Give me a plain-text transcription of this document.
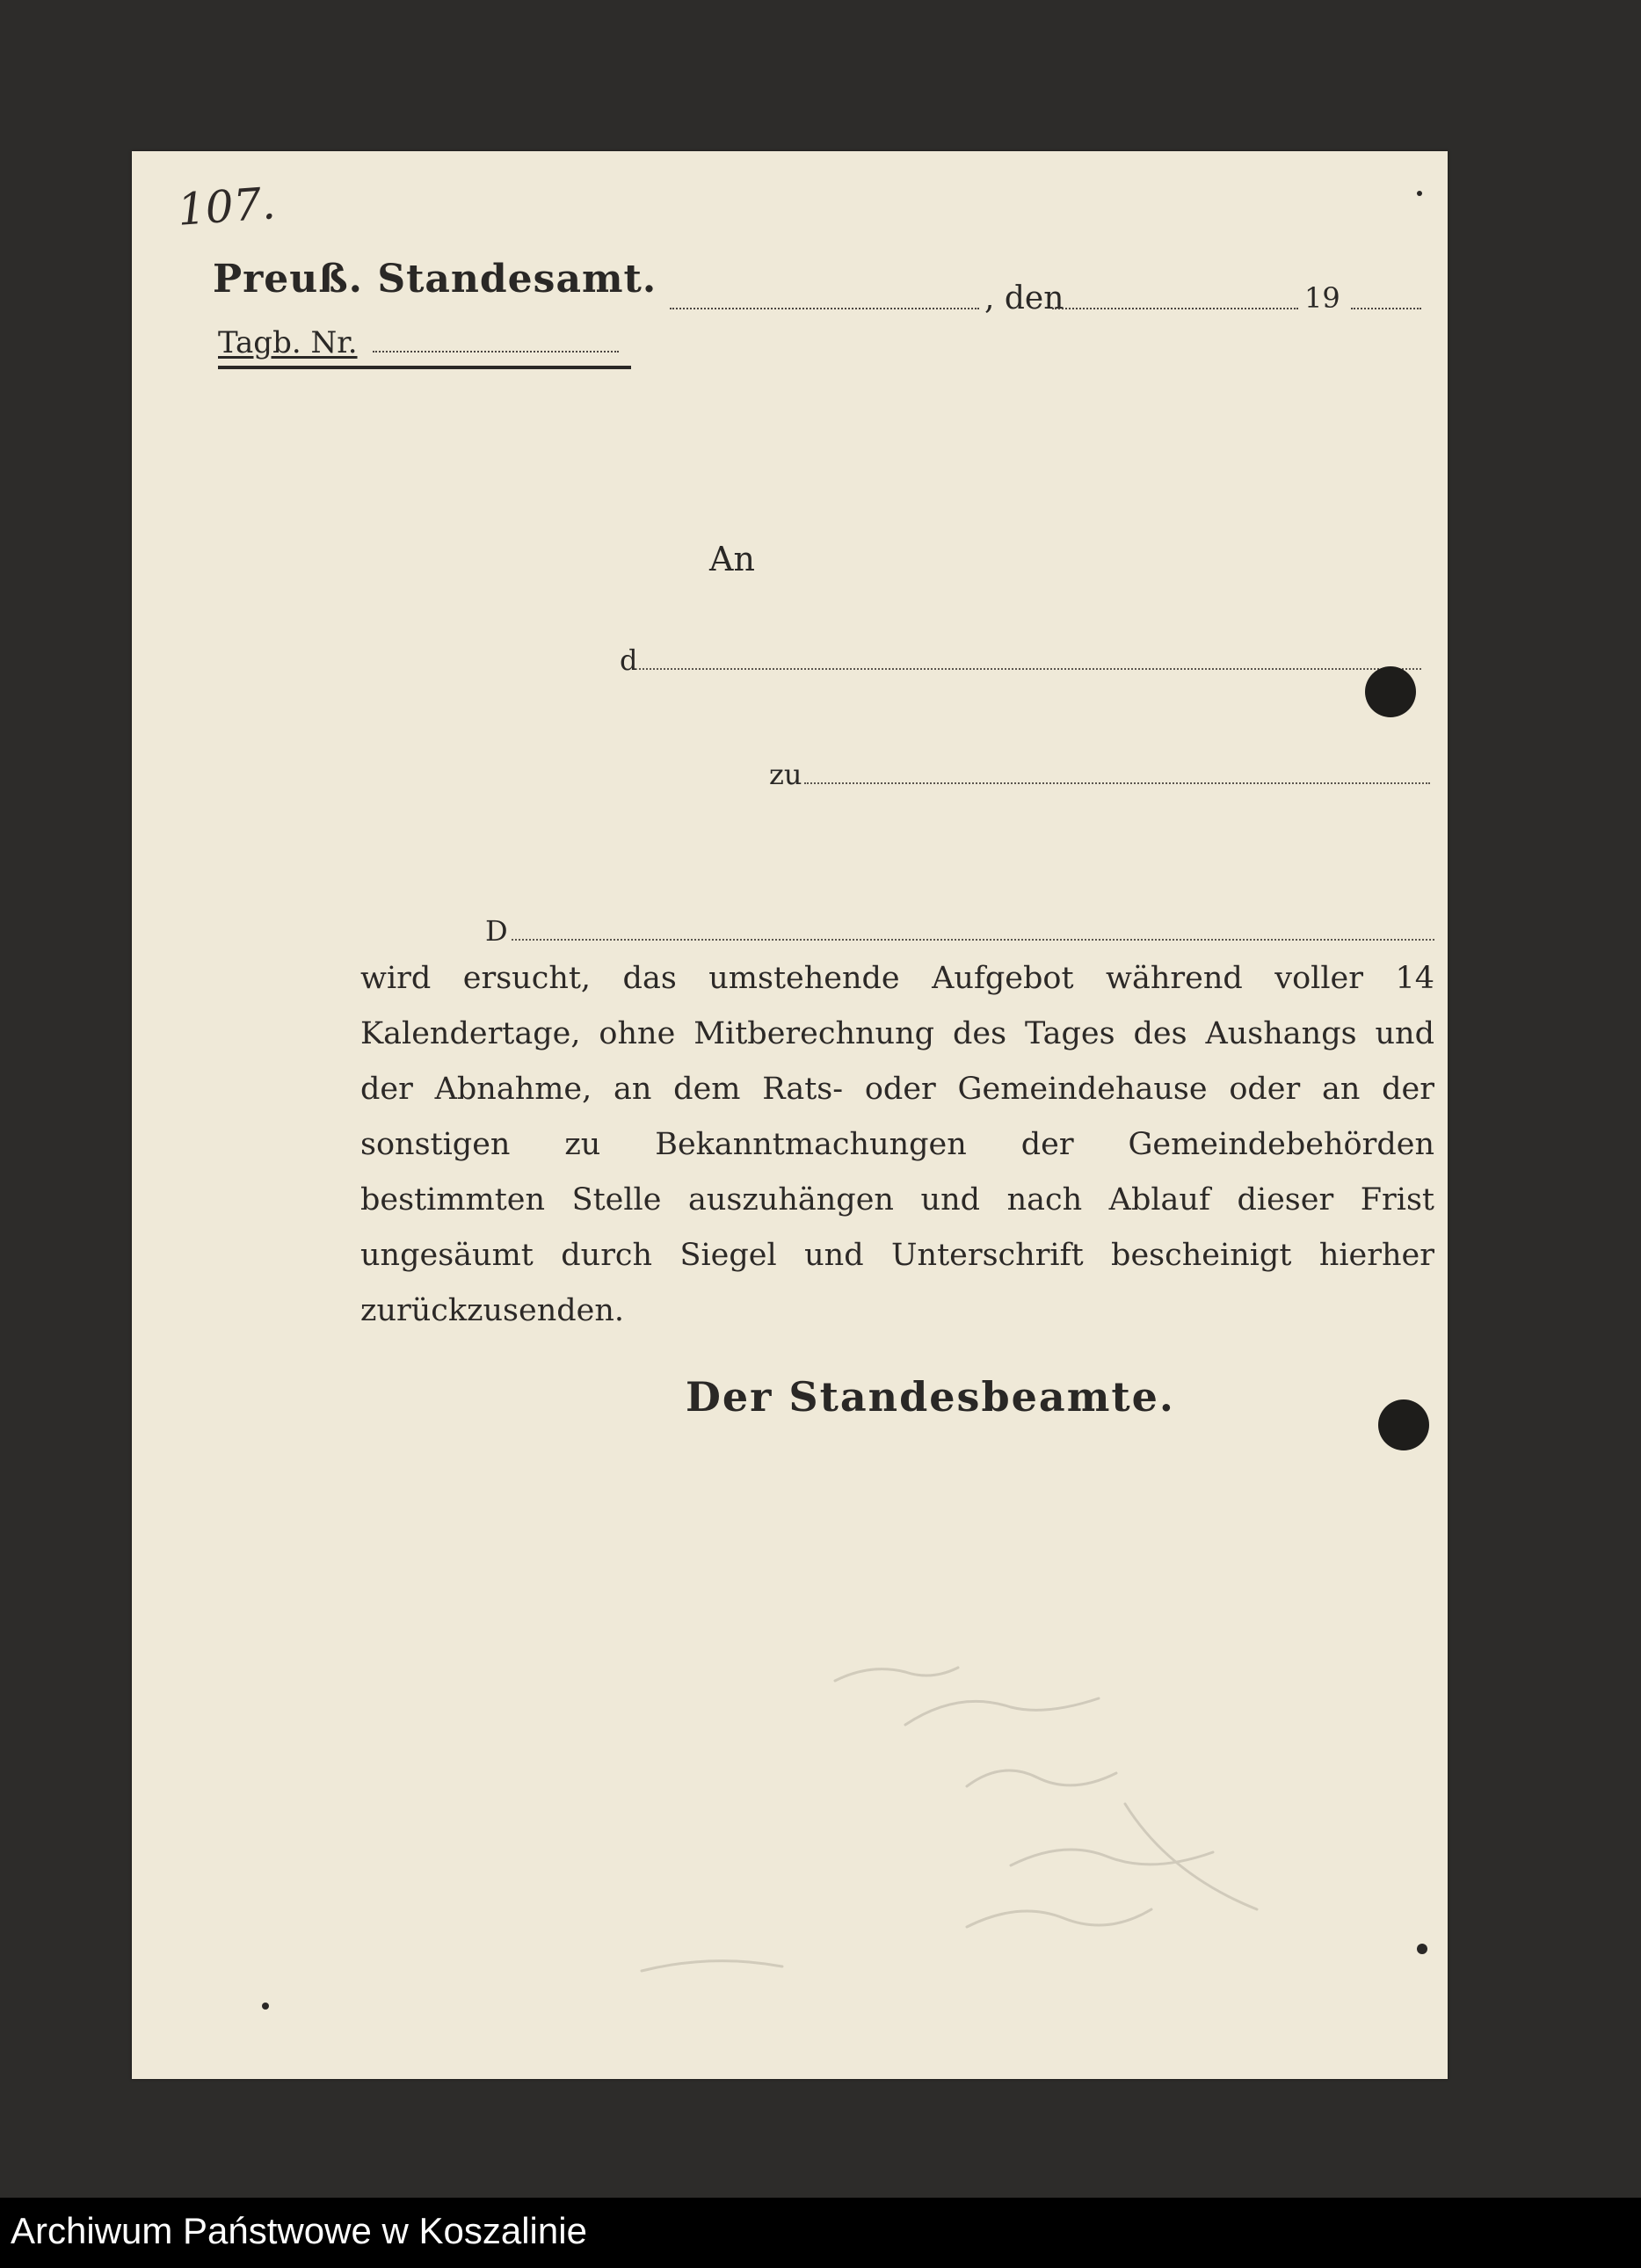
107.
Preuß. Standesamt.
Tagb. Nr.
, den	19
An
d
zu
D
wird ersucht, das umstehende Aufgebot während voller 14 Kalendertage, ohne Mitberechnung des Tages des Aushangs und der Abnahme, an dem Rats- oder Gemeindehause oder an der sonstigen zu Bekanntmachungen der Gemeindebehörden bestimmten Stelle auszuhängen und nach Ablauf dieser Frist ungesäumt durch Siegel und Unterschrift bescheinigt hierher zurückzusenden.
Der Standesbeamte.
Archiwum Państwowe w Koszalinie
